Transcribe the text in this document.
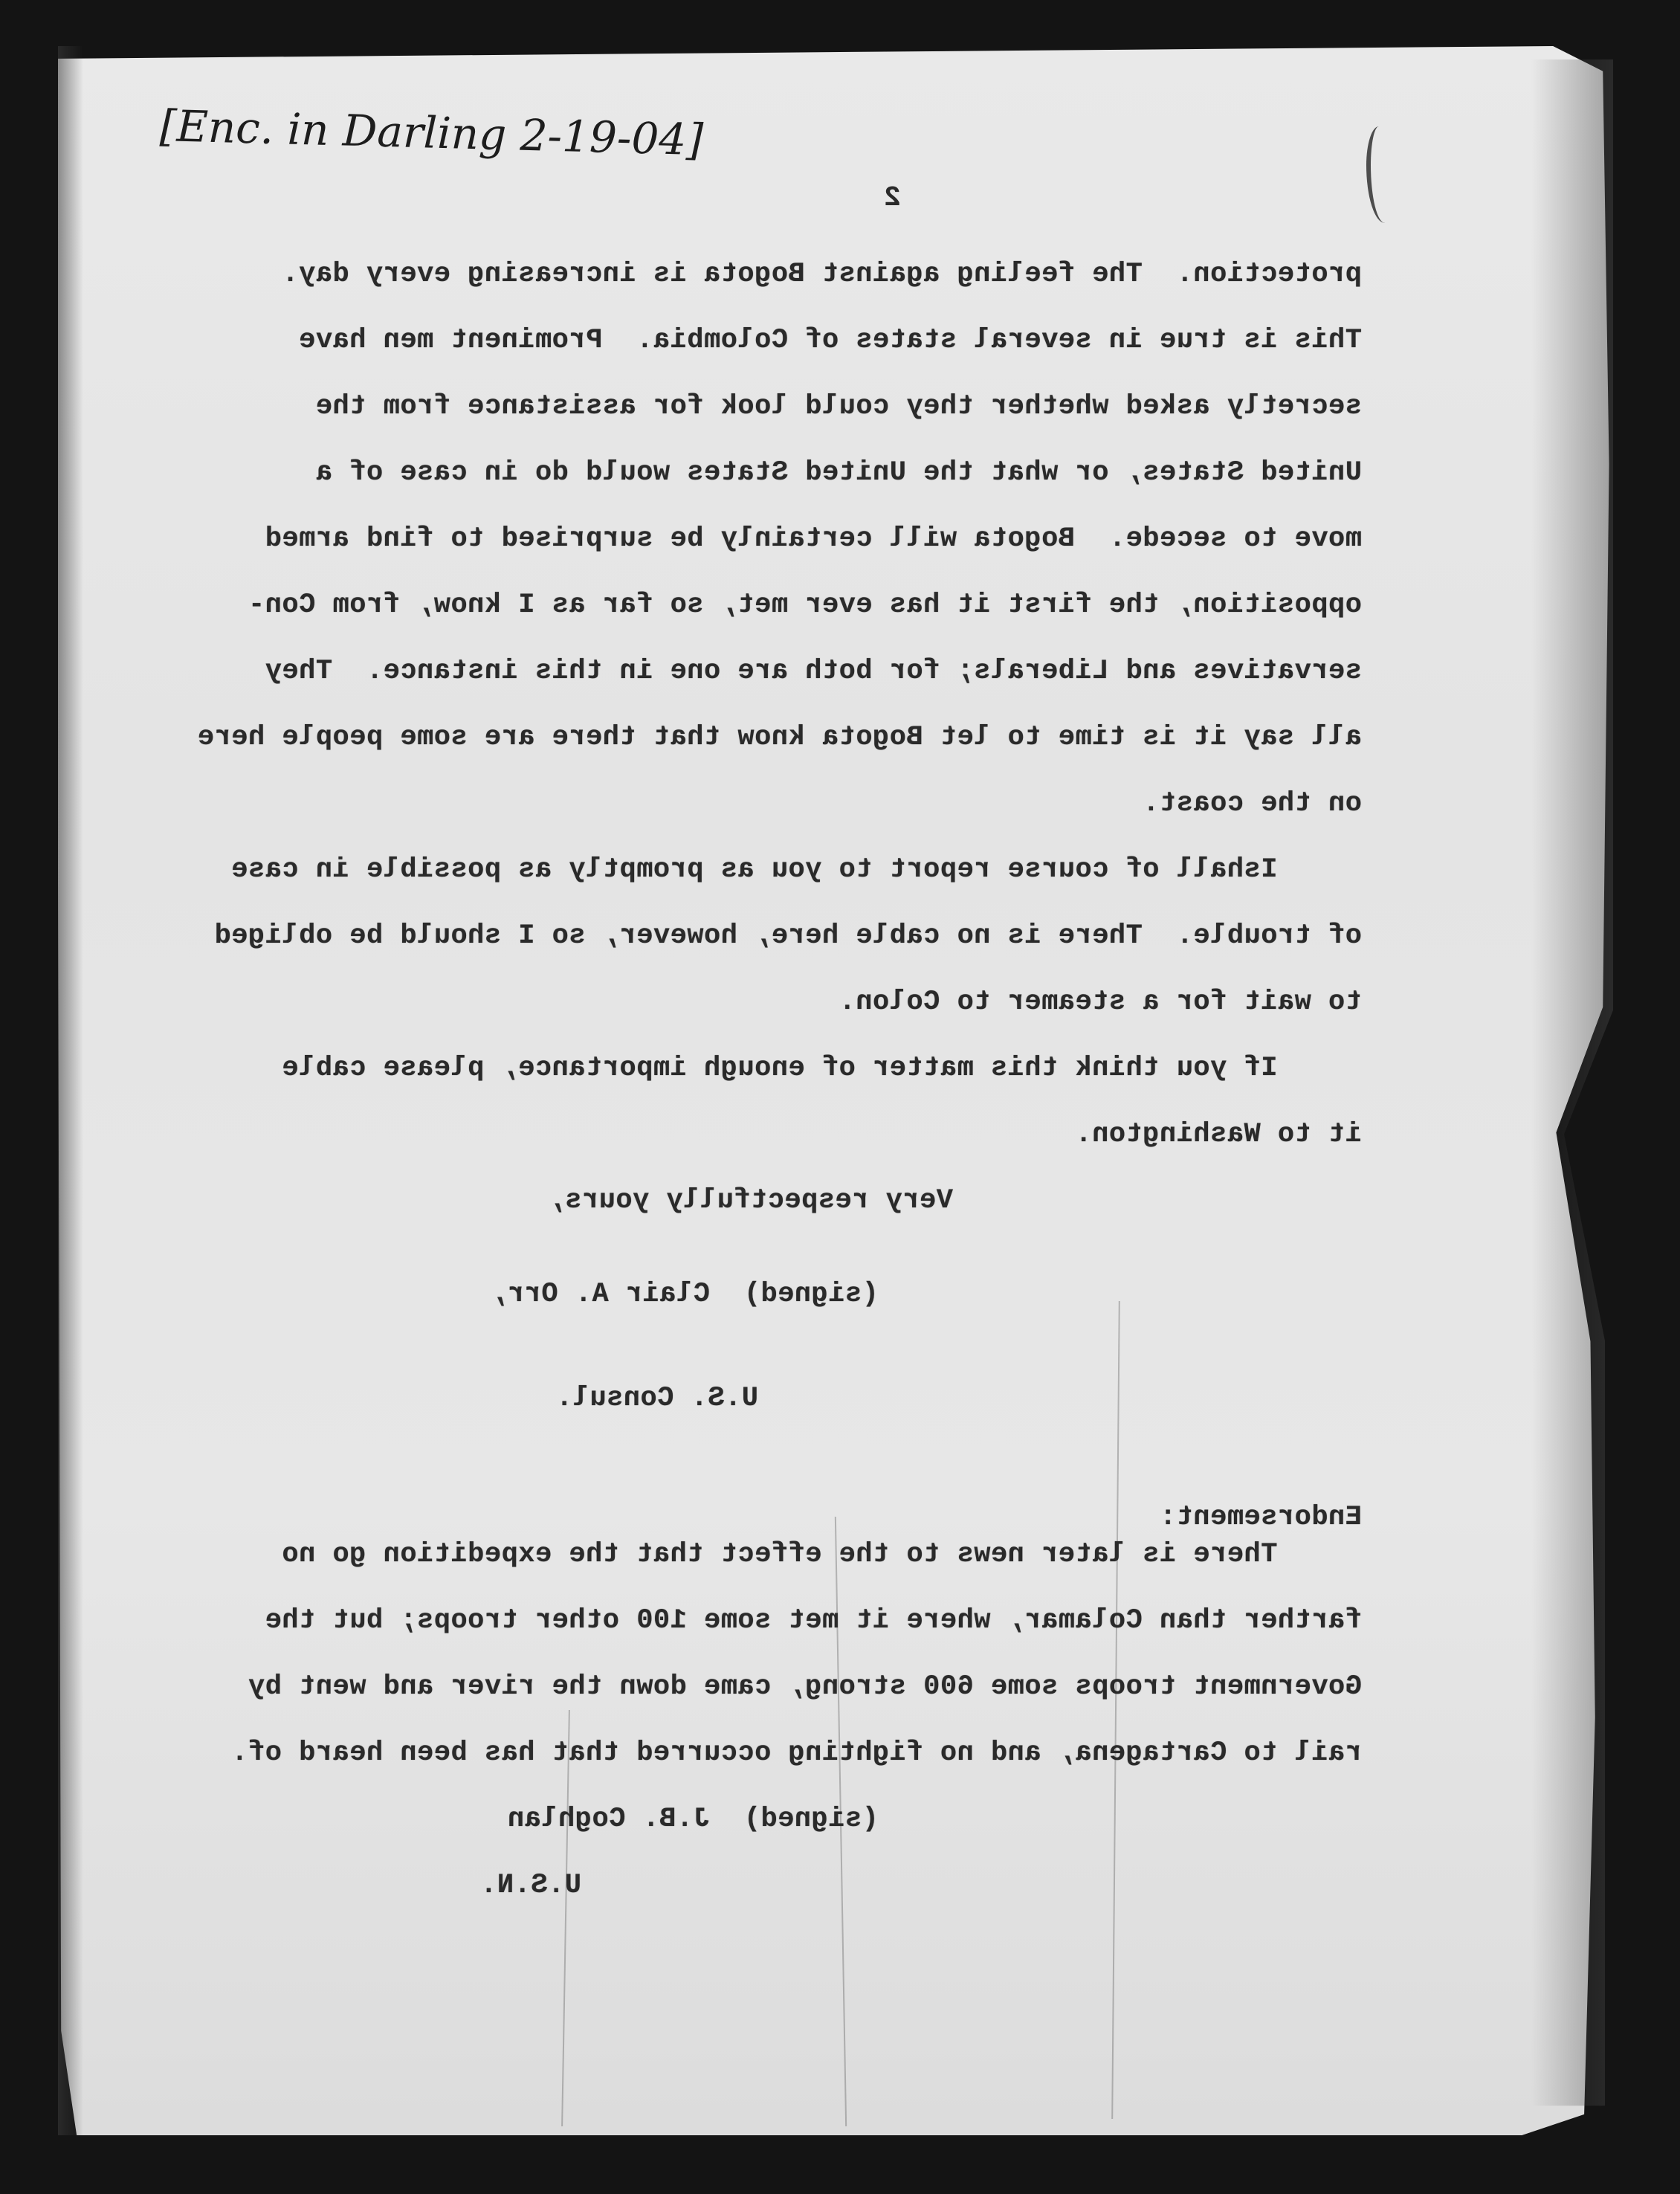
[Enc. in Darling 2-19-04]
2
protection.  The feeling against Bogota is increasing every day.
This is true in several states of Colombia.  Prominent men have
secretly asked whether they could look for assistance from the
United States, or what the United States would do in case of a
move to secede.  Bogota will certainly be surprised to find armed
opposition, the first it has ever met, so far as I know, from Con-
servatives and Liberals; for both are one in this instance.  They
all say it is time to let Bogota know that there are some people here
on the coast.
Ishall of course report to you as promptly as possible in case
of trouble.  There is no cable here, however, so I should be obliged
to wait for a steamer to Colon.
If you think this matter of enough importance, please cable
it to Washington.
Very respectfully yours,
(signed)  Clair A. Orr,
U.S. Consul.
Endorsement:
There is later news to the effect that the expedition go no
farther than Colamar, where it met some 100 other troops; but the
Government troops some 600 strong, came down the river and went by
rail to Cartagena, and no fighting occurred that has been heard of.
(signed)  J.B. Coghlan
U.S.N.
